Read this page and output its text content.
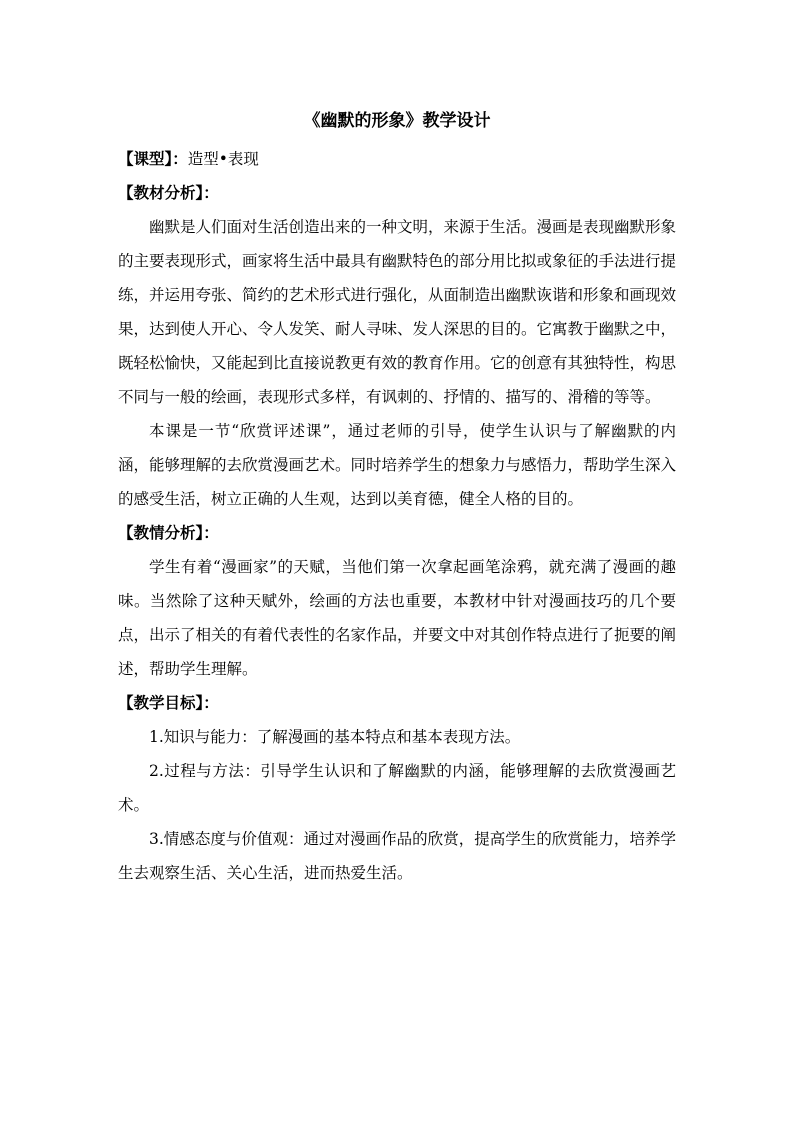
《幽默的形象》教学设计
【课型】：造型•表现
【教材分析】：

幽默是人们面对生活创造出来的一种文明，来源于生活。漫画是表现幽默形象的主要表现形式，画家将生活中最具有幽默特色的部分用比拟或象征的手法进行提练，并运用夸张、简约的艺术形式进行强化，从面制造出幽默诙谐和形象和画现效果，达到使人开心、令人发笑、耐人寻味、发人深思的目的。它寓教于幽默之中，既轻松愉快，又能起到比直接说教更有效的教育作用。它的创意有其独特性，构思不同与一般的绘画，表现形式多样，有讽刺的、抒情的、描写的、滑稽的等等。

本课是一节“欣赏评述课”，通过老师的引导，使学生认识与了解幽默的内涵，能够理解的去欣赏漫画艺术。同时培养学生的想象力与感悟力，帮助学生深入的感受生活，树立正确的人生观，达到以美育德，健全人格的目的。

【教情分析】：

学生有着“漫画家”的天赋，当他们第一次拿起画笔涂鸦，就充满了漫画的趣味。当然除了这种天赋外，绘画的方法也重要，本教材中针对漫画技巧的几个要点，出示了相关的有着代表性的名家作品，并要文中对其创作特点进行了扼要的阐述，帮助学生理解。

【教学目标】：

1.知识与能力：了解漫画的基本特点和基本表现方法。

2.过程与方法：引导学生认识和了解幽默的内涵，能够理解的去欣赏漫画艺术。

3.情感态度与价值观：通过对漫画作品的欣赏，提高学生的欣赏能力，培养学生去观察生活、关心生活，进而热爱生活。
